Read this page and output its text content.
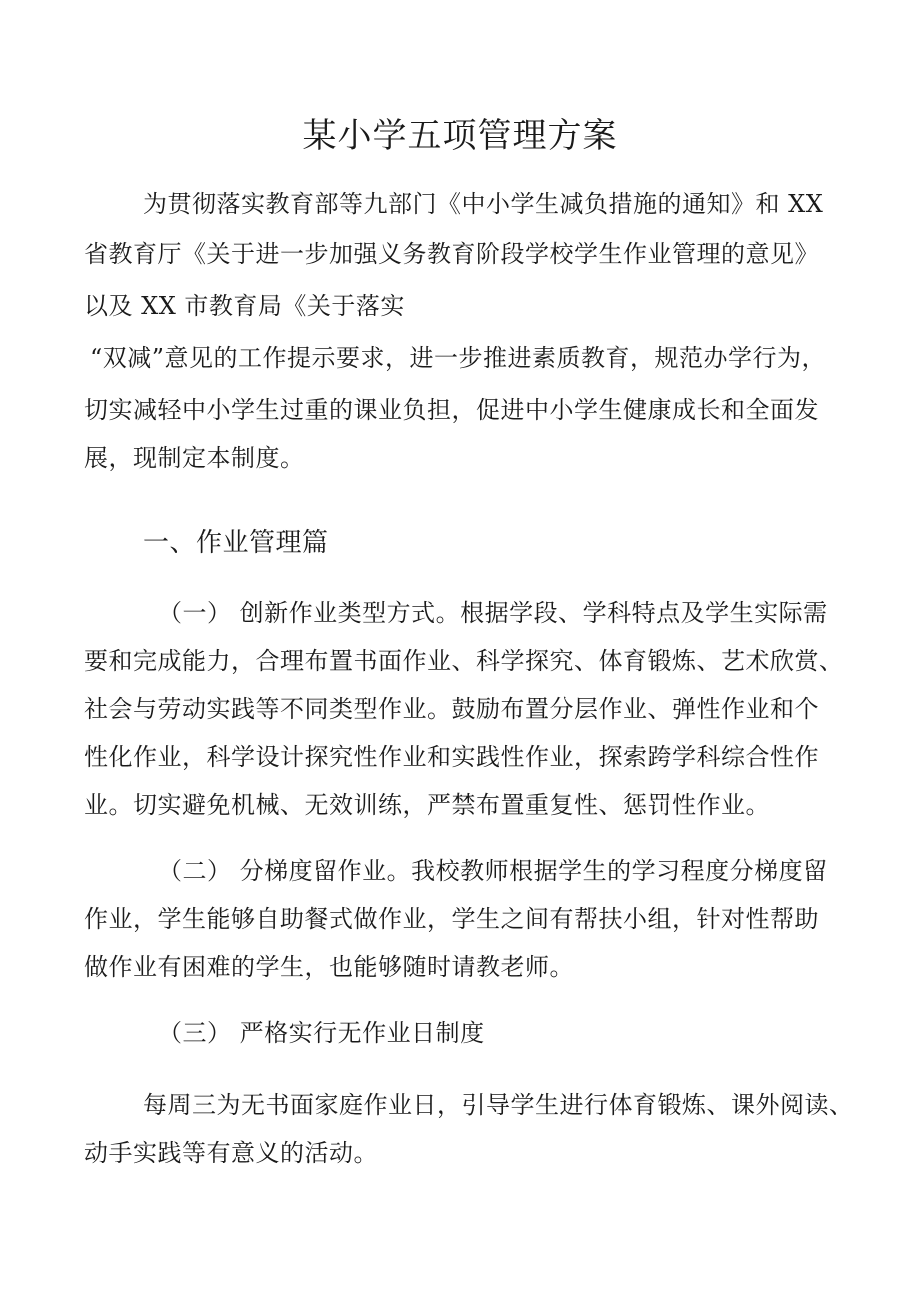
某小学五项管理方案
为贯彻落实教育部等九部门《中小学生减负措施的通知》和 XX
省教育厅《关于进一步加强义务教育阶段学校学生作业管理的意见》
以及 XX 市教育局《关于落实
“双减”意见的工作提示要求，进一步推进素质教育，规范办学行为，
切实减轻中小学生过重的课业负担，促进中小学生健康成长和全面发
展，现制定本制度。
一、作业管理篇
（一） 创新作业类型方式。根据学段、学科特点及学生实际需
要和完成能力，合理布置书面作业、科学探究、体育锻炼、艺术欣赏、
社会与劳动实践等不同类型作业。鼓励布置分层作业、弹性作业和个
性化作业，科学设计探究性作业和实践性作业，探索跨学科综合性作
业。切实避免机械、无效训练，严禁布置重复性、惩罚性作业。
（二） 分梯度留作业。我校教师根据学生的学习程度分梯度留
作业，学生能够自助餐式做作业，学生之间有帮扶小组，针对性帮助
做作业有困难的学生，也能够随时请教老师。
（三） 严格实行无作业日制度
每周三为无书面家庭作业日，引导学生进行体育锻炼、课外阅读、
动手实践等有意义的活动。
